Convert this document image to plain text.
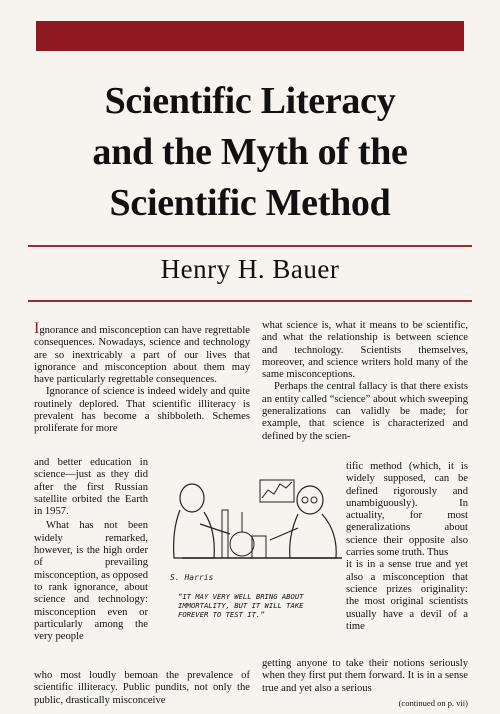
Scientific Literacy
and the Myth of the
Scientific Method
Henry H. Bauer

Ignorance and misconception can have regrettable consequences. Nowadays, science and technology are so inextricably a part of our lives that ignorance and misconception about them may have particularly regrettable consequences.

Ignorance of science is indeed widely and quite routinely deplored. That scientific illiteracy is prevalent has become a shibboleth. Schemes proliferate for more

and better education in science—just as they did after the first Russian satellite orbited the Earth in 1957.

What has not been widely remarked, however, is the high order of prevailing misconception, as opposed to rank ignorance, about science and technology: misconception even or particularly among the very people

who most loudly bemoan the prevalence of scientific illiteracy. Public pundits, not only the public, drastically misconceive

what science is, what it means to be scientific, and what the relationship is between science and technology. Scientists themselves, moreover, and science writers hold many of the same misconceptions.

Perhaps the central fallacy is that there exists an entity called “science” about which sweeping generalizations can validly be made; for example, that science is characterized and defined by the scien-

tific method (which, it is widely supposed, can be defined rigorously and unambiguously). In actuality, for most generalizations about science their opposite also carries some truth. Thus

it is in a sense true and yet also a misconception that science prizes originality: the most original scientists usually have a devil of a time

getting anyone to take their notions seriously when they first put them forward. It is in a sense true and yet also a serious

S. Harris
“IT MAY VERY WELL BRING ABOUT IMMORTALITY, BUT IT WILL TAKE FOREVER TO TEST IT.”
(continued on p. vii)
